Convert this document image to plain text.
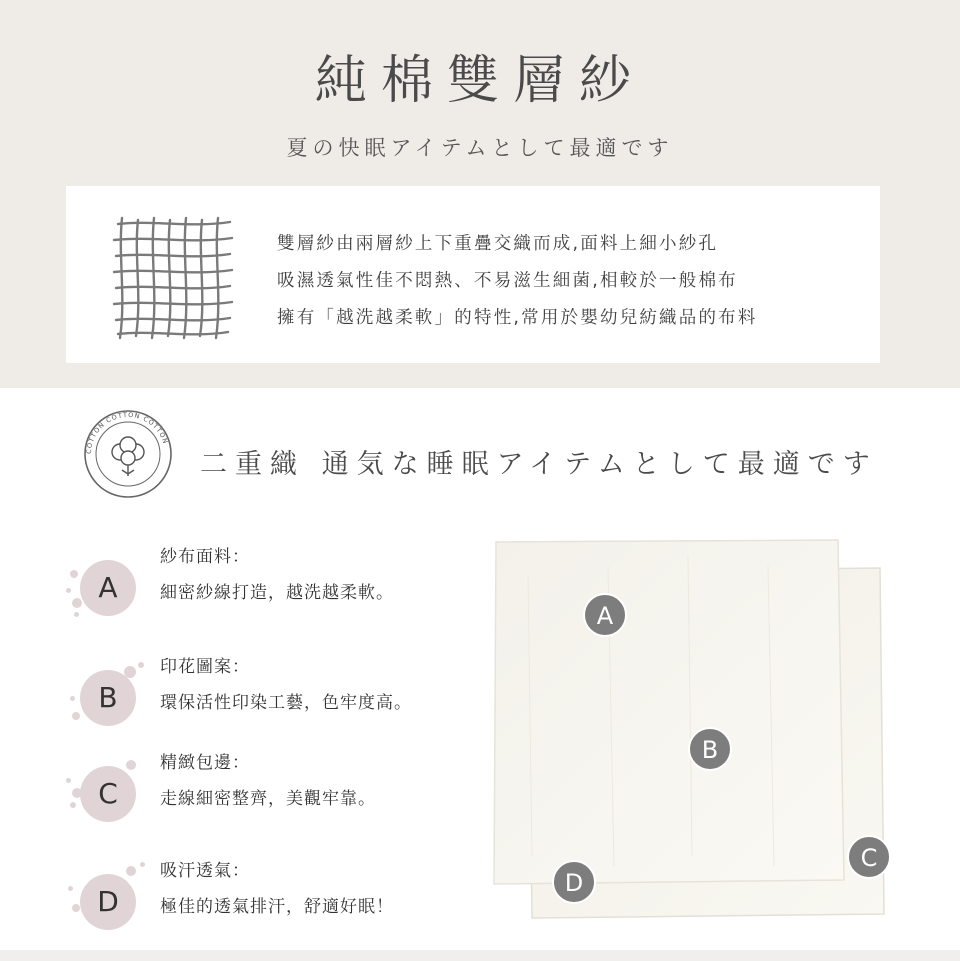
純棉雙層紗
夏の快眠アイテムとして最適です
雙層紗由兩層紗上下重疊交織而成,面料上細小紗孔
吸濕透氣性佳不悶熱、不易滋生細菌,相較於一般棉布
擁有「越洗越柔軟」的特性,常用於嬰幼兒紡織品的布料
COTTON COTTON COTTON
二重織 通気な睡眠アイテムとして最適です
A
紗布面料：
細密紗線打造，越洗越柔軟。
B
印花圖案：
環保活性印染工藝，色牢度高。
C
精緻包邊：
走線細密整齊，美觀牢靠。
D
吸汗透氣：
極佳的透氣排汗，舒適好眠！
A
B
C
D
